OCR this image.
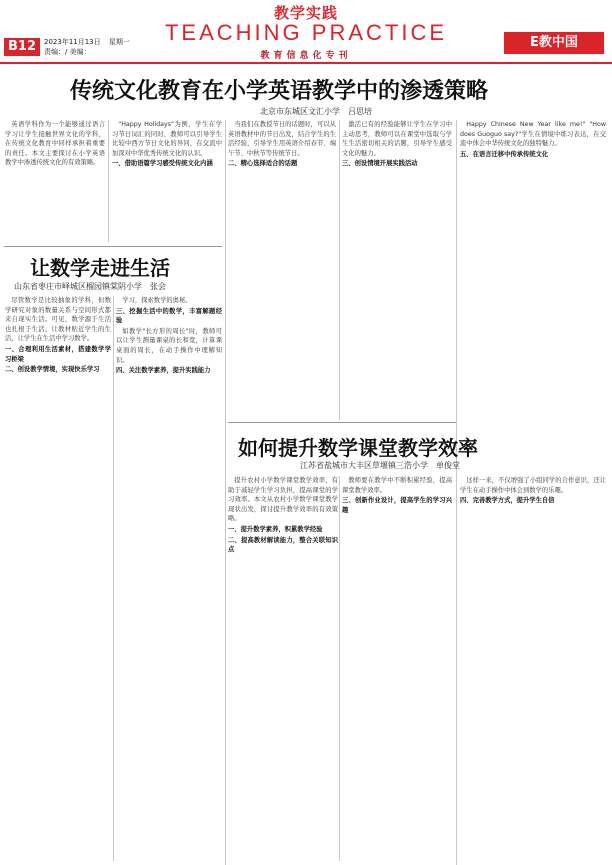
B12	2023年11月13日 星期一
责编：/ 美编：
教学实践
TEACHING PRACTICE
教育信息化专刊
E教中国
传统文化教育在小学英语教学中的渗透策略
北京市东城区文汇小学　吕思培

英语学科作为一个能够通过语言学习让学生接触世界文化的学科，在传统文化教育中同样承担着重要的责任。本文主要探讨在小学英语教学中渗透传统文化的有效策略。

"Happy Holidays"为例，学生在学习节日词汇的同时，教师可以引导学生比较中西方节日文化的异同，在交流中加深对中华优秀传统文化的认识。

一、借助语篇学习感受传统文化内涵

当我们在教授节日的话题时，可以从英语教材中的节日出发，结合学生的生活经验，引导学生用英语介绍春节、端午节、中秋节等传统节日。

二、精心选择适合的话题

激活已有的经验能够让学生在学习中主动思考，教师可以在课堂中选取与学生生活密切相关的话题，引导学生感受文化的魅力。

三、创设情境开展实践活动

Happy Chinese New Year like me!" "How does Guoguo say?"学生在情境中练习表达，在交流中体会中华传统文化的独特魅力。

五、在语言迁移中传承传统文化

让数学走进生活
山东省枣庄市峄城区榴园镇棠阴小学　张会

尽管数学是比较抽象的学科，但数学研究对象的数量关系与空间形式都来自现实生活。可见，数学源于生活也扎根于生活。让教材贴近学生的生活，让学生在生活中学习数学。

一、合理利用生活素材，搭建数学学习桥梁

二、创设教学情境，实现快乐学习

学习，探索数学的奥秘。

三、挖掘生活中的数学，丰富解题经验

如教学"长方形的周长"时，教师可以让学生测量课桌的长和宽，计算课桌面的周长，在动手操作中理解知识。

四、关注数学素养，提升实践能力

如何提升数学课堂教学效率
江苏省盐城市大丰区草堰镇三浩小学　单俊堂

提升农村小学数学课堂教学效率，有助于减轻学生学习负担，提高课堂的学习效率。本文从农村小学数学课堂教学现状出发，探讨提升教学效率的有效策略。

一、提升数学素养，积累教学经验

二、提高教材解读能力，整合关联知识点

教师要在教学中不断积累经验，提高课堂教学效率。

三、创新作业设计，提高学生的学习兴趣

这样一来，不仅增强了小组同学的合作意识，还让学生在动手操作中体会到数学的乐趣。

四、完善教学方式，提升学生自信
